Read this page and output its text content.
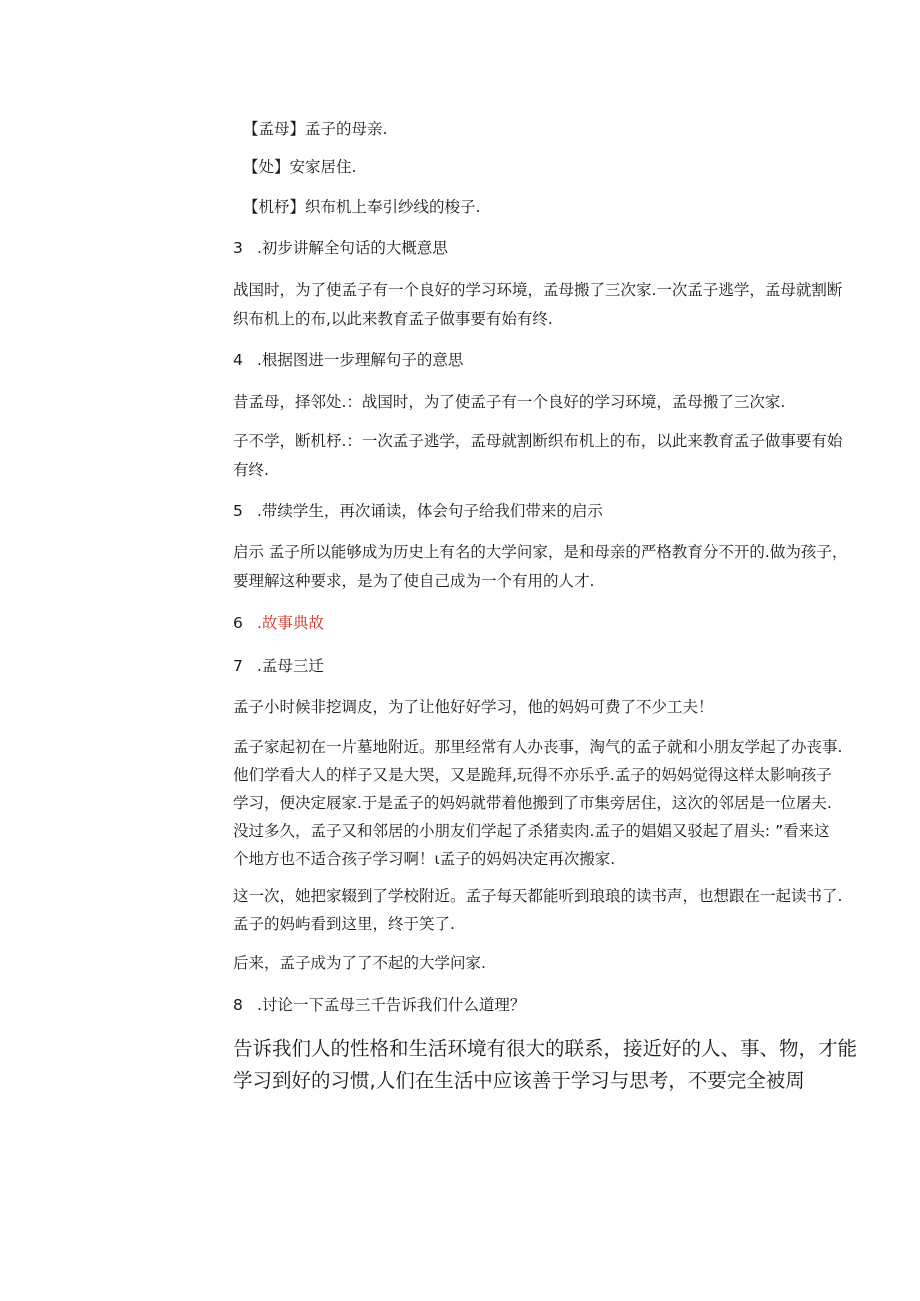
【孟母】孟子的母亲.
【处】安家居住.
【机杼】织布机上奉引纱线的梭子.
3 .初步讲解全句话的大概意思
战国时，为了使孟子有一个良好的学习环境，孟母搬了三次家.一次孟子逃学，孟母就割断
织布机上的布,以此来教育孟子做事要有始有终.
4 .根据图进一步理解句子的意思
昔孟母，择邻处.：战国时，为了使孟子有一个良好的学习环境，孟母搬了三次家.
子不学，断机杼.：一次孟子逃学，孟母就割断织布机上的布，以此来教育孟子做事要有始
有终.
5 .带续学生，再次诵读，体会句子给我们带来的启示
启示 孟子所以能够成为历史上有名的大学问家，是和母亲的严格教育分不开的.做为孩子，
要理解这种要求，是为了使自己成为一个有用的人才.
6 .故事典故
7 .孟母三迁
孟子小时候非挖调皮，为了让他好好学习，他的妈妈可费了不少工夫！
孟子家起初在一片墓地附近。那里经常有人办丧事，淘气的孟子就和小朋友学起了办丧事.
他们学看大人的样子又是大哭，又是跪拜,玩得不亦乐乎.孟子的妈妈觉得这样太影响孩子
学习，便决定屐家.于是孟子的妈妈就带着他搬到了市集旁居住，这次的邻居是一位屠夫.
没过多久，孟子又和邻居的小朋友们学起了杀猪卖肉.孟子的娼娼又驳起了眉头: ”看来这
个地方也不适合孩子学习啊！ι孟子的妈妈决定再次搬家.
这一次，她把家辍到了学校附近。孟子每天都能听到琅琅的读书声，也想跟在一起读书了.
孟子的妈屿看到这里，终于笑了.
后来，孟子成为了了不起的大学问家.
8 .讨论一下孟母三千告诉我们什么道理？
告诉我们人的性格和生活环境有很大的联系，接近好的人、事、物，才能
学习到好的习惯,人们在生活中应该善于学习与思考，不要完全被周
